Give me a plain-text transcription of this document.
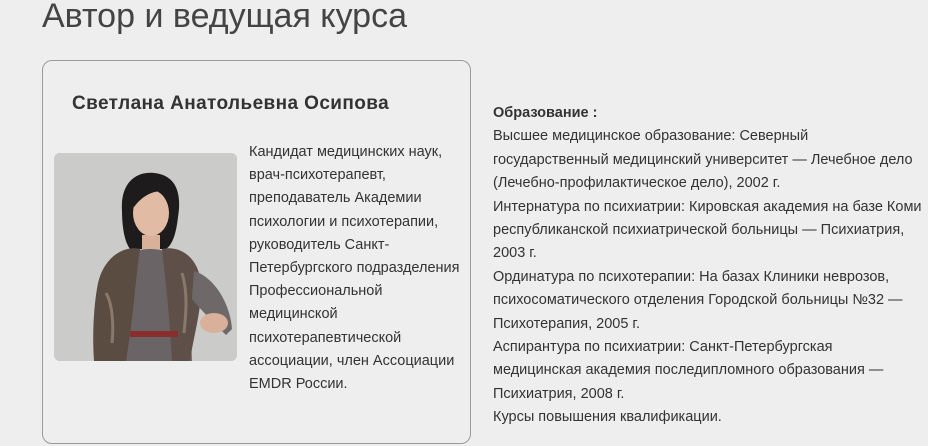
Автор и ведущая курса
Светлана Анатольевна Осипова

Кандидат медицинских наук, врач-психотерапевт, преподаватель Академии психологии и психотерапии, руководитель Санкт-Петербургского подразделения Профессиональной медицинской психотерапевтической ассоциации, член Ассоциации EMDR России.

Образование :

Высшее медицинское образование: Северный государственный медицинский университет — Лечебное дело (Лечебно-профилактическое дело), 2002 г.
Интернатура по психиатрии: Кировская академия на базе Коми республиканской психиатрической больницы — Психиатрия, 2003 г.
Ординатура по психотерапии: На базах Клиники неврозов, психосоматического отделения Городской больницы №32 — Психотерапия, 2005 г.
Аспирантура по психиатрии: Санкт-Петербургская медицинская академия последипломного образования — Психиатрия, 2008 г.
Курсы повышения квалификации.
